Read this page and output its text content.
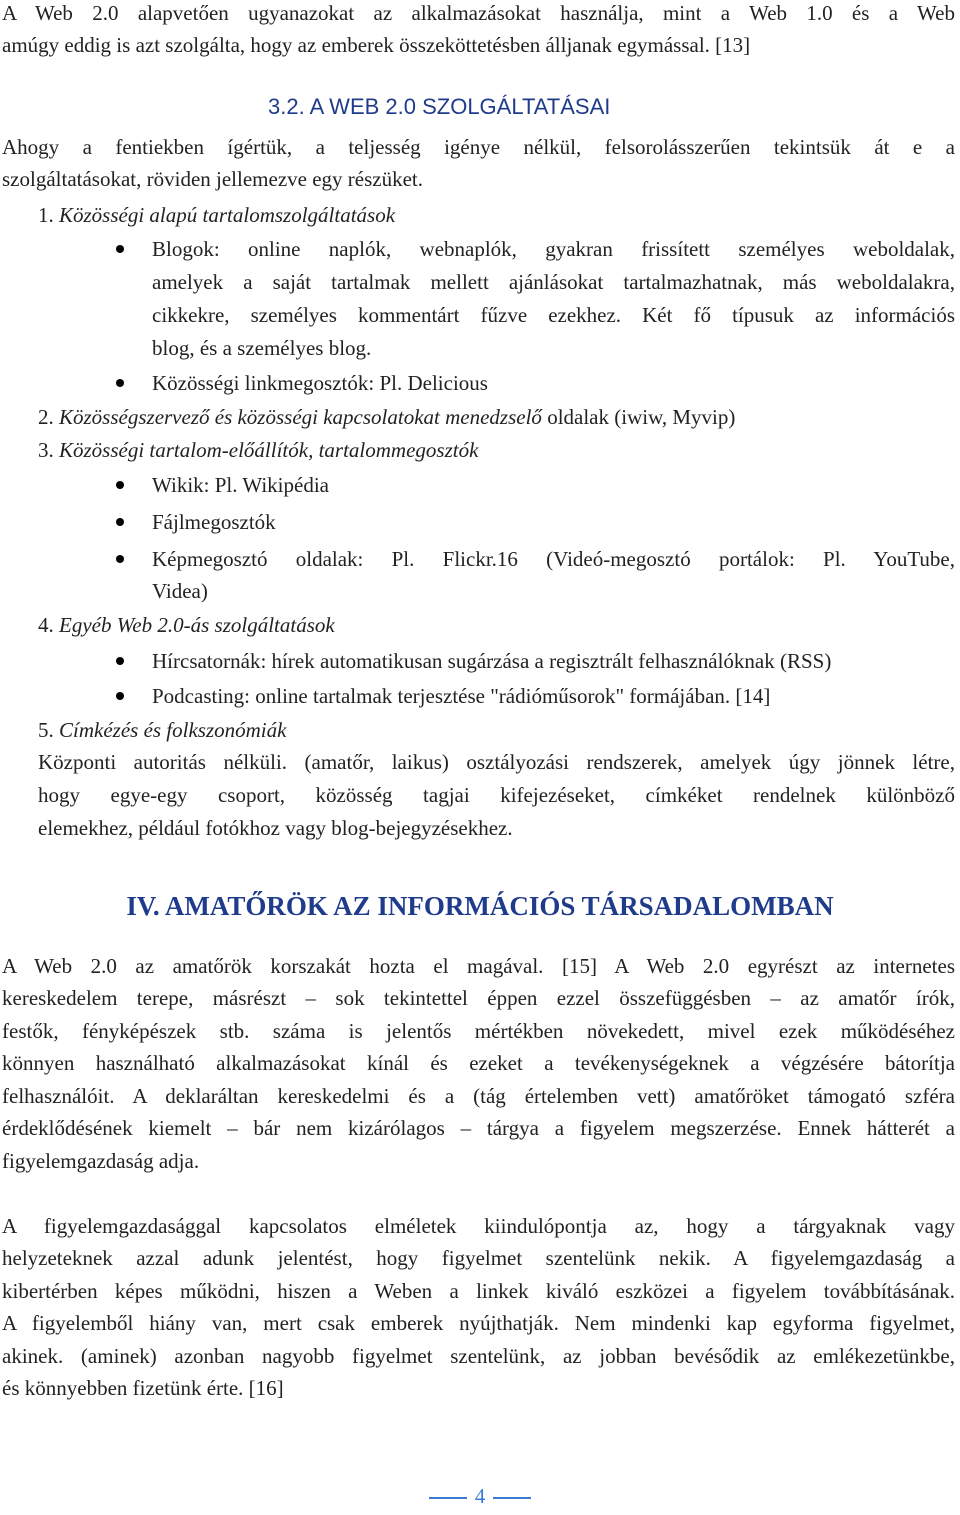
A Web 2.0 alapvetően ugyanazokat az alkalmazásokat használja, mint a Web 1.0 és a Web
amúgy eddig is azt szolgálta, hogy az emberek összeköttetésben álljanak egymással. [13]
3.2. A WEB 2.0 SZOLGÁLTATÁSAI
Ahogy a fentiekben ígértük, a teljesség igénye nélkül, felsorolásszerűen tekintsük át e a
szolgáltatásokat, röviden jellemezve egy részüket.
1. Közösségi alapú tartalomszolgáltatások
Blogok: online naplók, webnaplók, gyakran frissített személyes weboldalak,
amelyek a saját tartalmak mellett ajánlásokat tartalmazhatnak, más weboldalakra,
cikkekre, személyes kommentárt fűzve ezekhez. Két fő típusuk az információs
blog, és a személyes blog.
Közösségi linkmegosztók: Pl. Delicious
2. Közösségszervező és közösségi kapcsolatokat menedzselő oldalak (iwiw, Myvip)
3. Közösségi tartalom-előállítók, tartalommegosztók
Wikik: Pl. Wikipédia
Fájlmegosztók
Képmegosztó oldalak: Pl. Flickr.16 (Videó-megosztó portálok: Pl. YouTube,
Videa)
4. Egyéb Web 2.0-ás szolgáltatások
Hírcsatornák: hírek automatikusan sugárzása a regisztrált felhasználóknak (RSS)
Podcasting: online tartalmak terjesztése "rádióműsorok" formájában. [14]
5. Címkézés és folkszonómiák
Központi autoritás nélküli. (amatőr, laikus) osztályozási rendszerek, amelyek úgy jönnek létre,
hogy egye-egy csoport, közösség tagjai kifejezéseket, címkéket rendelnek különböző
elemekhez, például fotókhoz vagy blog-bejegyzésekhez.
IV. AMATŐRÖK AZ INFORMÁCIÓS TÁRSADALOMBAN
A Web 2.0 az amatőrök korszakát hozta el magával. [15] A Web 2.0 egyrészt az internetes
kereskedelem terepe, másrészt – sok tekintettel éppen ezzel összefüggésben – az amatőr írók,
festők, fényképészek stb. száma is jelentős mértékben növekedett, mivel ezek működéséhez
könnyen használható alkalmazásokat kínál és ezeket a tevékenységeknek a végzésére bátorítja
felhasználóit. A deklaráltan kereskedelmi és a (tág értelemben vett) amatőröket támogató szféra
érdeklődésének kiemelt – bár nem kizárólagos – tárgya a figyelem megszerzése. Ennek hátterét a
figyelemgazdaság adja.
A figyelemgazdasággal kapcsolatos elméletek kiindulópontja az, hogy a tárgyaknak vagy
helyzeteknek azzal adunk jelentést, hogy figyelmet szentelünk nekik. A figyelemgazdaság a
kibertérben képes működni, hiszen a Weben a linkek kiváló eszközei a figyelem továbbításának.
A figyelemből hiány van, mert csak emberek nyújthatják. Nem mindenki kap egyforma figyelmet,
akinek. (aminek) azonban nagyobb figyelmet szentelünk, az jobban bevésődik az emlékezetünkbe,
és könnyebben fizetünk érte. [16]
4
